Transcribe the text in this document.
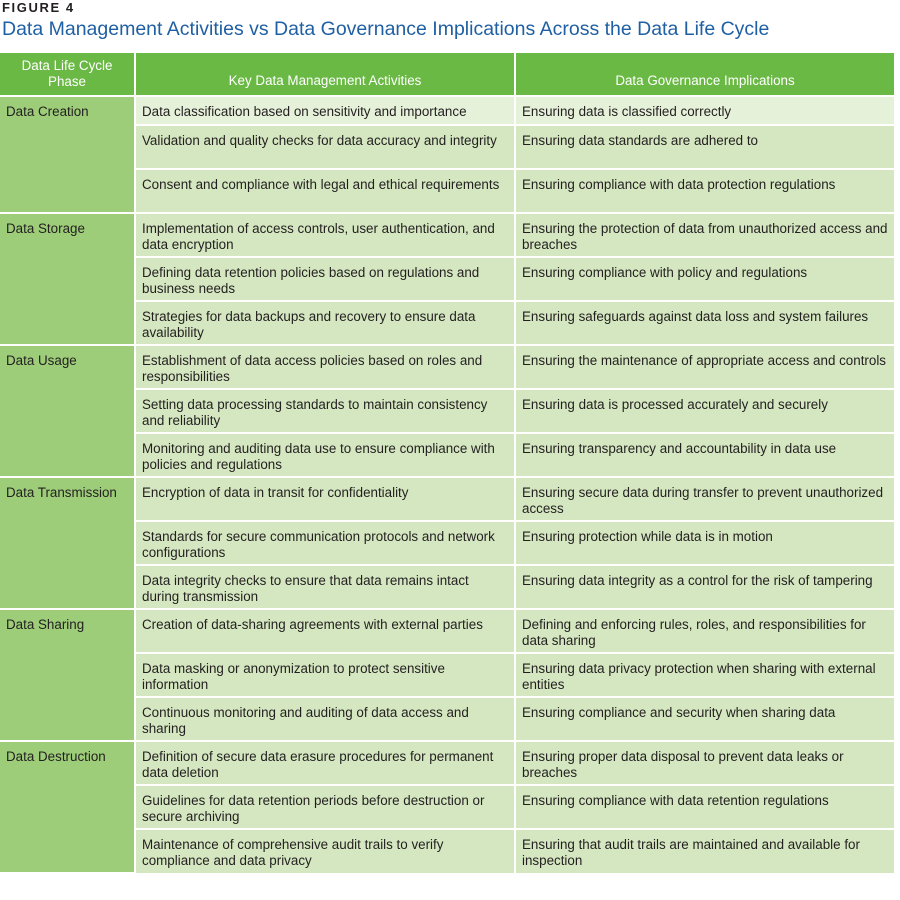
FIGURE 4
Data Management Activities vs Data Governance Implications Across the Data Life Cycle
Data Life Cycle Phase	Key Data Management Activities	Data Governance Implications
Data Creation	Data classification based on sensitivity and importance	Ensuring data is classified correctly
	Validation and quality checks for data accuracy and integrity	Ensuring data standards are adhered to
	Consent and compliance with legal and ethical requirements	Ensuring compliance with data protection regulations
Data Storage	Implementation of access controls, user authentication, and data encryption	Ensuring the protection of data from unauthorized access and breaches
	Defining data retention policies based on regulations and business needs	Ensuring compliance with policy and regulations
	Strategies for data backups and recovery to ensure data availability	Ensuring safeguards against data loss and system failures
Data Usage	Establishment of data access policies based on roles and responsibilities	Ensuring the maintenance of appropriate access and controls
	Setting data processing standards to maintain consistency and reliability	Ensuring data is processed accurately and securely
	Monitoring and auditing data use to ensure compliance with policies and regulations	Ensuring transparency and accountability in data use
Data Transmission	Encryption of data in transit for confidentiality	Ensuring secure data during transfer to prevent unauthorized access
	Standards for secure communication protocols and network configurations	Ensuring protection while data is in motion
	Data integrity checks to ensure that data remains intact during transmission	Ensuring data integrity as a control for the risk of tampering
Data Sharing	Creation of data-sharing agreements with external parties	Defining and enforcing rules, roles, and responsibilities for data sharing
	Data masking or anonymization to protect sensitive information	Ensuring data privacy protection when sharing with external entities
	Continuous monitoring and auditing of data access and sharing	Ensuring compliance and security when sharing data
Data Destruction	Definition of secure data erasure procedures for permanent data deletion	Ensuring proper data disposal to prevent data leaks or breaches
	Guidelines for data retention periods before destruction or secure archiving	Ensuring compliance with data retention regulations
	Maintenance of comprehensive audit trails to verify compliance and data privacy	Ensuring that audit trails are maintained and available for inspection
